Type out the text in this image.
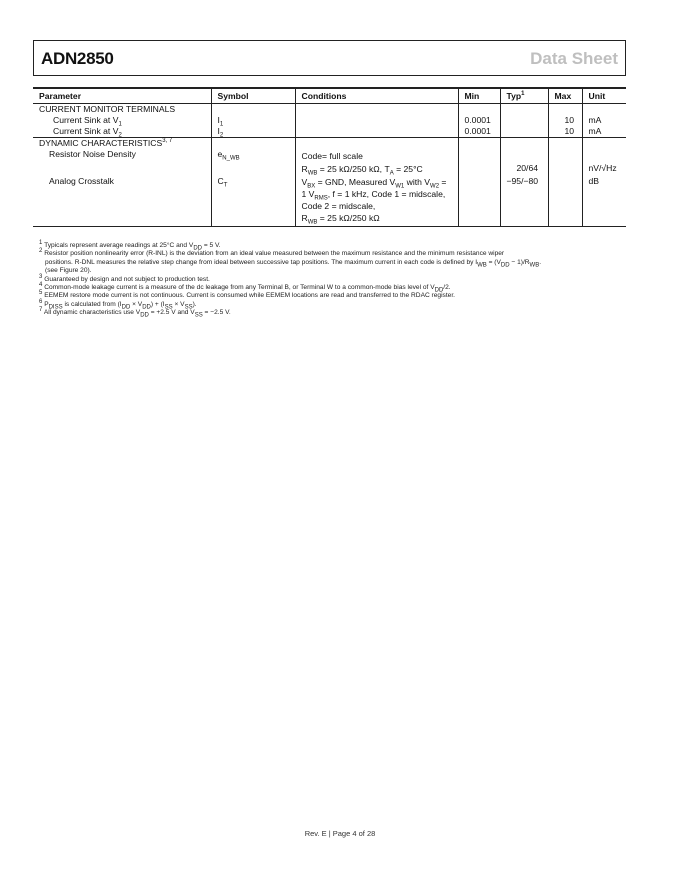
ADN2850	Data Sheet
Parameter	Symbol	Conditions	Min	Typ$^1$	Max	Unit
CURRENT MONITOR TERMINALS						
Current Sink at $V_1$	$I_1$		0.0001		10	mA
Current Sink at $V_2$	$I_2$		0.0001		10	mA
DYNAMIC CHARACTERISTICS$^{3, 7}$						
Resistor Noise Density	$e_{N\_WB}$	Code= full scale
$R_{WB} = 25$ kΩ/250 kΩ, $T_A = 25^\circ C$		20/64		nV/√Hz
Analog Crosstalk	$C_T$	$V_{BX}$ = GND, Measured $V_{W1}$ with $V_{W2}$ =
1 $V_{RMS}$, f = 1 kHz, Code 1 = midscale,
Code 2 = midscale,
$R_{WB} = 25$ kΩ/250 kΩ		−95/−80		dB
$^1$ Typicals represent average readings at 25°C and $V_{DD} = 5$ V.
$^2$ Resistor position nonlinearity error (R-INL) is the deviation from an ideal value measured between the maximum resistance and the minimum resistance wiper
positions. R-DNL measures the relative step change from ideal between successive tap positions. The maximum current in each code is defined by $I_{WB} = (V_{DD} - 1)/R_{WB}$.
(see Figure 20).
$^3$ Guaranteed by design and not subject to production test.
$^4$ Common-mode leakage current is a measure of the dc leakage from any Terminal B, or Terminal W to a common-mode bias level of $V_{DD}/2$.
$^5$ EEMEM restore mode current is not continuous. Current is consumed while EEMEM locations are read and transferred to the RDAC register.
$^6$ $P_{DISS}$ is calculated from $(I_{DD} \times V_{DD}) + (I_{SS} \times V_{SS})$.
$^7$ All dynamic characteristics use $V_{DD} = +2.5$ V and $V_{SS} = -2.5$ V.
Rev. E | Page 4 of 28
